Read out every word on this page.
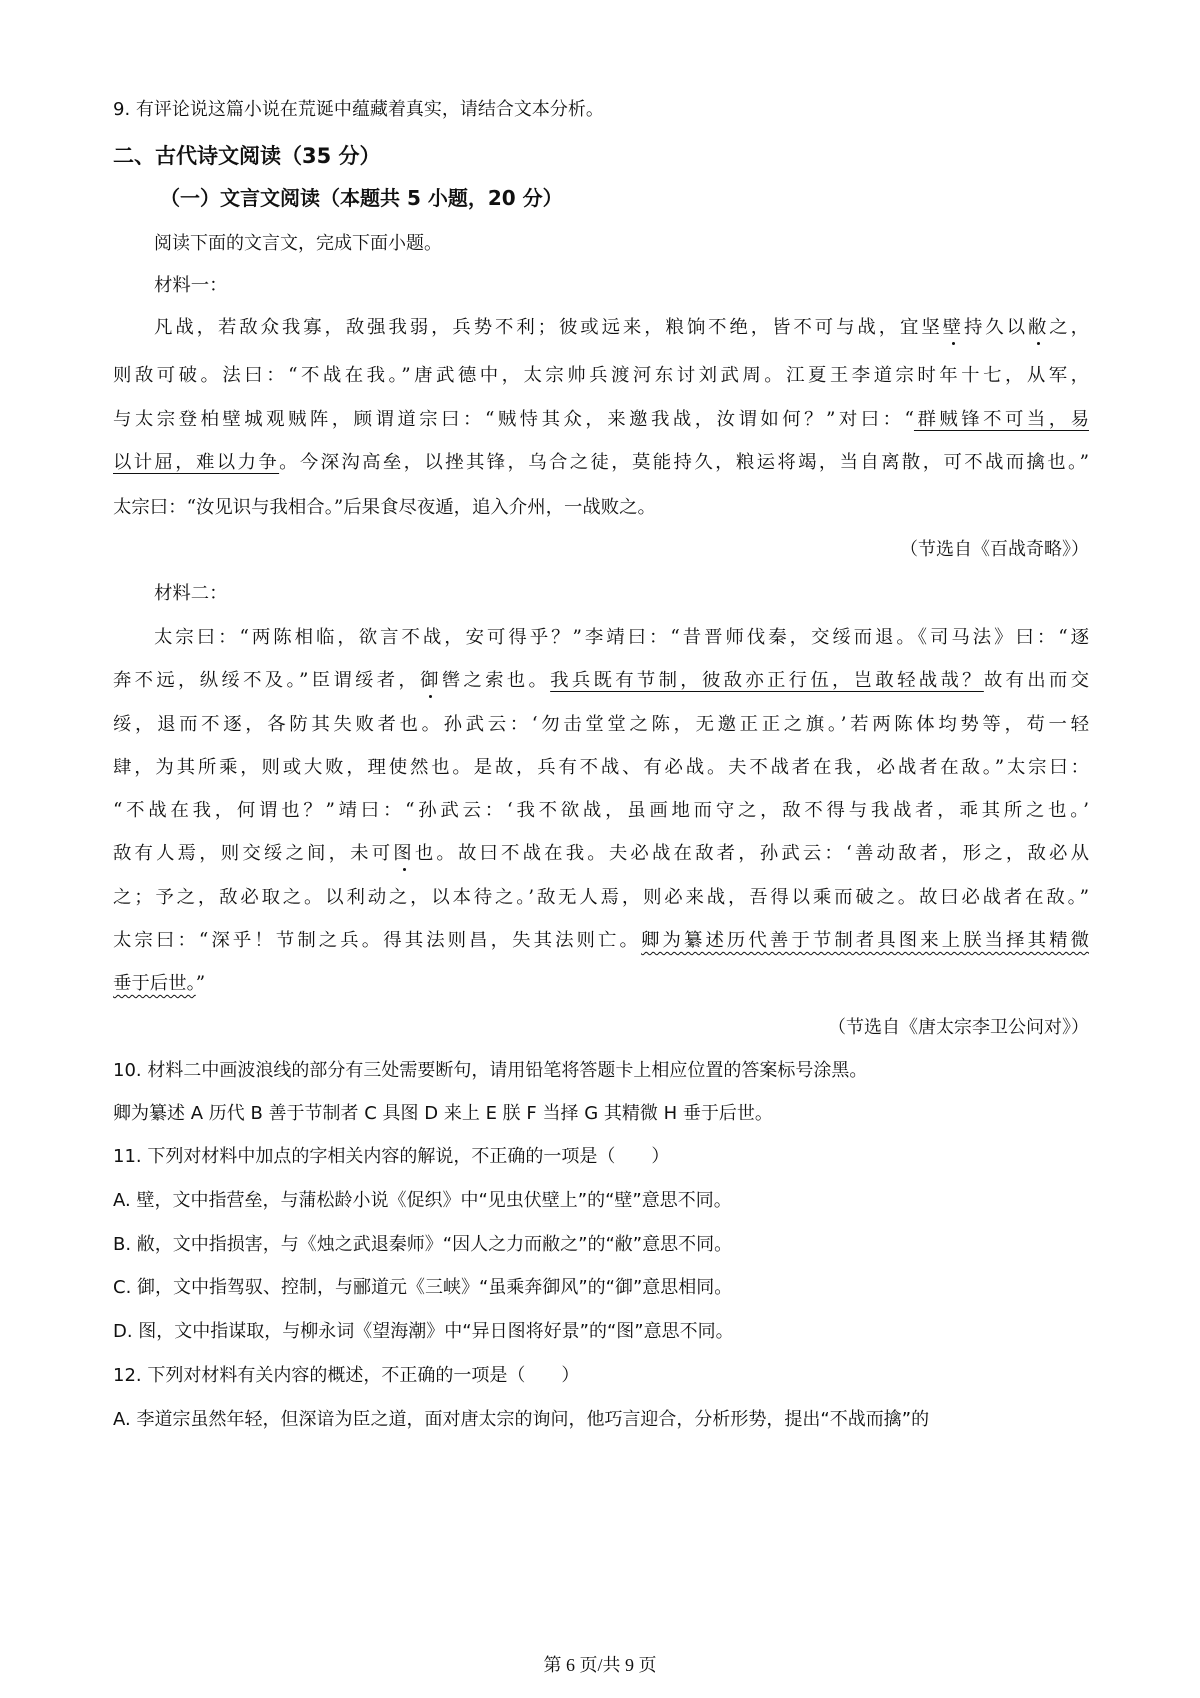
9. 有评论说这篇小说在荒诞中蕴藏着真实，请结合文本分析。
二、古代诗文阅读（35 分）
（一）文言文阅读（本题共 5 小题，20 分）
阅读下面的文言文，完成下面小题。
材料一：
凡战，若敌众我寡，敌强我弱，兵势不利；彼或远来，粮饷不绝，皆不可与战，宜坚壁持久以敝之，
则敌可破。法曰：“不战在我。”唐武德中，太宗帅兵渡河东讨刘武周。江夏王李道宗时年十七，从军，
与太宗登柏壁城观贼阵，顾谓道宗曰：“贼恃其众，来邀我战，汝谓如何？”对曰：“群贼锋不可当，易
以计屈，难以力争。今深沟高垒，以挫其锋，乌合之徒，莫能持久，粮运将竭，当自离散，可不战而擒也。”
太宗曰：“汝见识与我相合。”后果食尽夜遁，追入介州，一战败之。
（节选自《百战奇略》）
材料二：
太宗曰：“两陈相临，欲言不战，安可得乎？”李靖曰：“昔晋师伐秦，交绥而退。《司马法》曰：“逐
奔不远，纵绥不及。”臣谓绥者，御辔之索也。我兵既有节制，彼敌亦正行伍，岂敢轻战哉？故有出而交
绥，退而不逐，各防其失败者也。孙武云：‘勿击堂堂之陈，无邀正正之旗。’若两陈体均势等，苟一轻
肆，为其所乘，则或大败，理使然也。是故，兵有不战、有必战。夫不战者在我，必战者在敌。”太宗曰：
“不战在我，何谓也？”靖曰：“孙武云：‘我不欲战，虽画地而守之，敌不得与我战者，乖其所之也。’
敌有人焉，则交绥之间，未可图也。故曰不战在我。夫必战在敌者，孙武云：‘善动敌者，形之，敌必从
之；予之，敌必取之。以利动之，以本待之。’敌无人焉，则必来战，吾得以乘而破之。故曰必战者在敌。”
太宗曰：“深乎！节制之兵。得其法则昌，失其法则亡。卿为纂述历代善于节制者具图来上朕当择其精微
垂于后世。”
（节选自《唐太宗李卫公问对》）
10. 材料二中画波浪线的部分有三处需要断句，请用铅笔将答题卡上相应位置的答案标号涂黑。
卿为纂述 A 历代 B 善于节制者 C 具图 D 来上 E 朕 F 当择 G 其精微 H 垂于后世。
11. 下列对材料中加点的字相关内容的解说，不正确的一项是（　　）
A. 壁，文中指营垒，与蒲松龄小说《促织》中“见虫伏壁上”的“壁”意思不同。
B. 敝，文中指损害，与《烛之武退秦师》“因人之力而敝之”的“敝”意思不同。
C. 御，文中指驾驭、控制，与郦道元《三峡》“虽乘奔御风”的“御”意思相同。
D. 图，文中指谋取，与柳永词《望海潮》中“异日图将好景”的“图”意思不同。
12. 下列对材料有关内容的概述，不正确的一项是（　　）
A. 李道宗虽然年轻，但深谙为臣之道，面对唐太宗的询问，他巧言迎合，分析形势，提出“不战而擒”的
第 6 页/共 9 页
